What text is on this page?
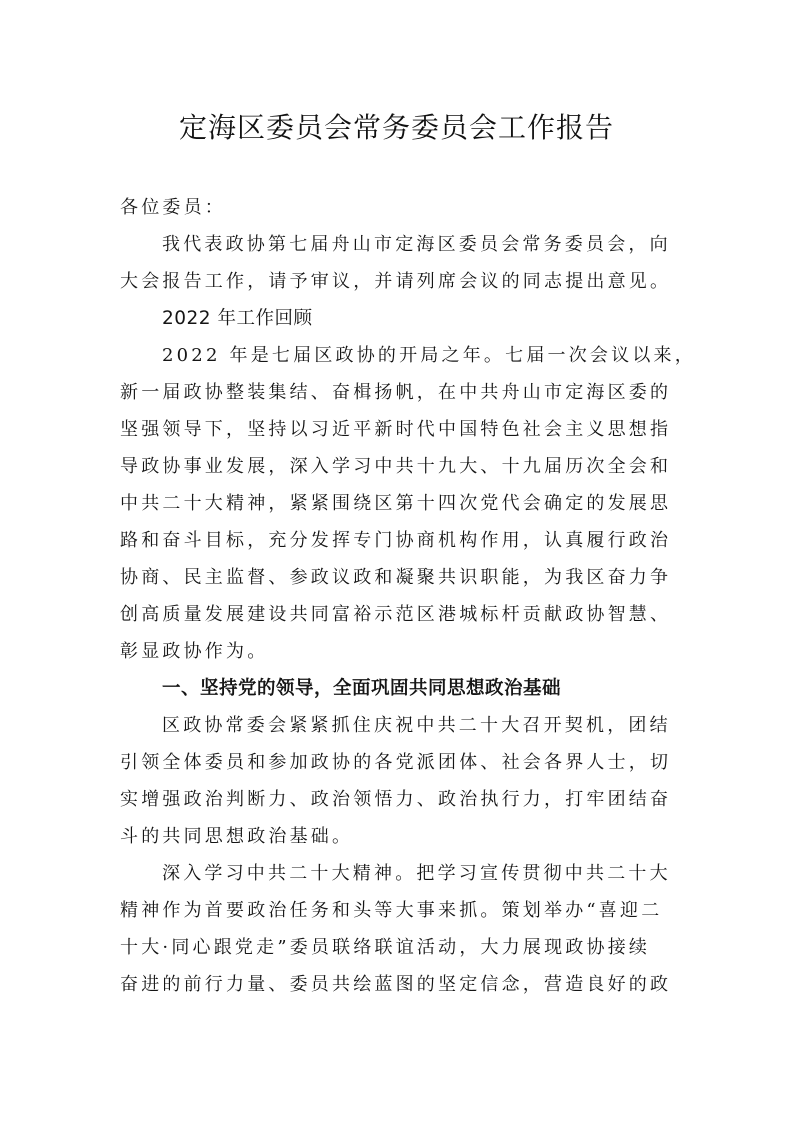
定海区委员会常务委员会工作报告
各位委员：
我代表政协第七届舟山市定海区委员会常务委员会，向
大会报告工作，请予审议，并请列席会议的同志提出意见。
2022 年工作回顾
2022 年是七届区政协的开局之年。七届一次会议以来，
新一届政协整装集结、奋楫扬帆，在中共舟山市定海区委的
坚强领导下，坚持以习近平新时代中国特色社会主义思想指
导政协事业发展，深入学习中共十九大、十九届历次全会和
中共二十大精神，紧紧围绕区第十四次党代会确定的发展思
路和奋斗目标，充分发挥专门协商机构作用，认真履行政治
协商、民主监督、参政议政和凝聚共识职能，为我区奋力争
创高质量发展建设共同富裕示范区港城标杆贡献政协智慧、
彰显政协作为。
一、坚持党的领导，全面巩固共同思想政治基础
区政协常委会紧紧抓住庆祝中共二十大召开契机，团结
引领全体委员和参加政协的各党派团体、社会各界人士，切
实增强政治判断力、政治领悟力、政治执行力，打牢团结奋
斗的共同思想政治基础。
深入学习中共二十大精神。把学习宣传贯彻中共二十大
精神作为首要政治任务和头等大事来抓。策划举办“喜迎二
十大·同心跟党走”委员联络联谊活动，大力展现政协接续
奋进的前行力量、委员共绘蓝图的坚定信念，营造良好的政
